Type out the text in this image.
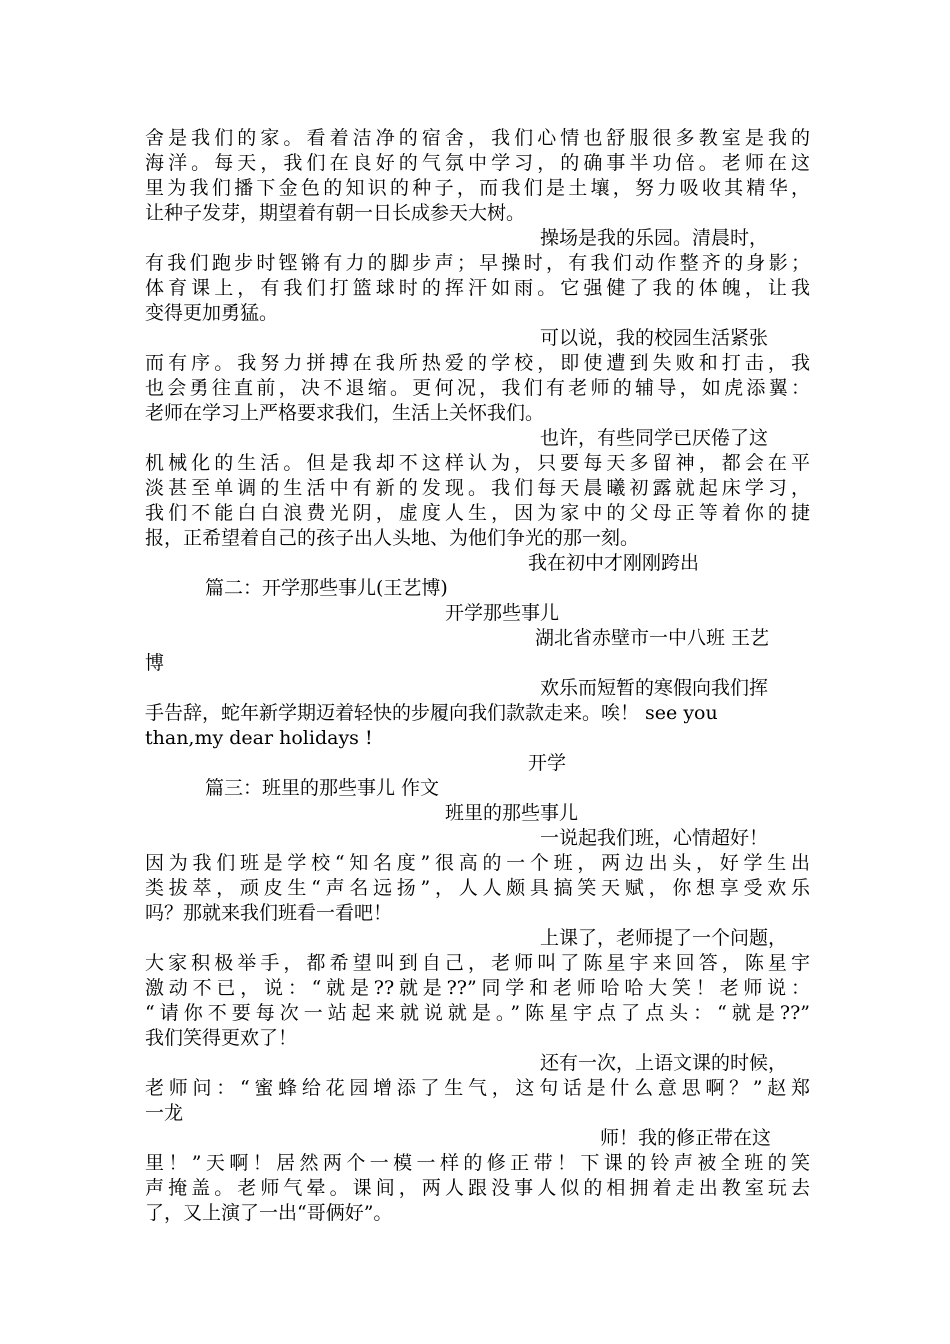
舍是我们的家。看着洁净的宿舍，我们心情也舒服很多教室是我的
海洋。每天，我们在良好的气氛中学习，的确事半功倍。老师在这
里为我们播下金色的知识的种子，而我们是土壤，努力吸收其精华，
让种子发芽，期望着有朝一日长成参天大树。
操场是我的乐园。清晨时，
有我们跑步时铿锵有力的脚步声；早操时，有我们动作整齐的身影；
体育课上，有我们打篮球时的挥汗如雨。它强健了我的体魄，让我
变得更加勇猛。
可以说，我的校园生活紧张
而有序。我努力拼搏在我所热爱的学校，即使遭到失败和打击，我
也会勇往直前，决不退缩。更何况，我们有老师的辅导，如虎添翼：
老师在学习上严格要求我们，生活上关怀我们。
也许，有些同学已厌倦了这
机械化的生活。但是我却不这样认为，只要每天多留神，都会在平
淡甚至单调的生活中有新的发现。我们每天晨曦初露就起床学习，
我们不能白白浪费光阴，虚度人生，因为家中的父母正等着你的捷
报，正希望着自己的孩子出人头地、为他们争光的那一刻。
我在初中才刚刚跨出
篇二：开学那些事儿(王艺博)
开学那些事儿
湖北省赤壁市一中八班 王艺
博
欢乐而短暂的寒假向我们挥
手告辞，蛇年新学期迈着轻快的步履向我们款款走来。唉！ see you
than,my dear holidays !
开学
篇三：班里的那些事儿 作文
班里的那些事儿
一说起我们班，心情超好！
因为我们班是学校“知名度”很高的一个班，两边出头，好学生出
类拔萃，顽皮生“声名远扬”，人人颇具搞笑天赋，你想享受欢乐
吗？那就来我们班看一看吧！
上课了，老师提了一个问题，
大家积极举手，都希望叫到自己，老师叫了陈星宇来回答，陈星宇
激动不已，说：“就是??就是??”同学和老师哈哈大笑！老师说：
“请你不要每次一站起来就说就是。”陈星宇点了点头：“就是??”
我们笑得更欢了！
还有一次，上语文课的时候，
老师问：“蜜蜂给花园增添了生气，这句话是什么意思啊？”赵郑
一龙
师！我的修正带在这
里！”天啊！居然两个一模一样的修正带！下课的铃声被全班的笑
声掩盖。老师气晕。课间，两人跟没事人似的相拥着走出教室玩去
了，又上演了一出“哥俩好”。
